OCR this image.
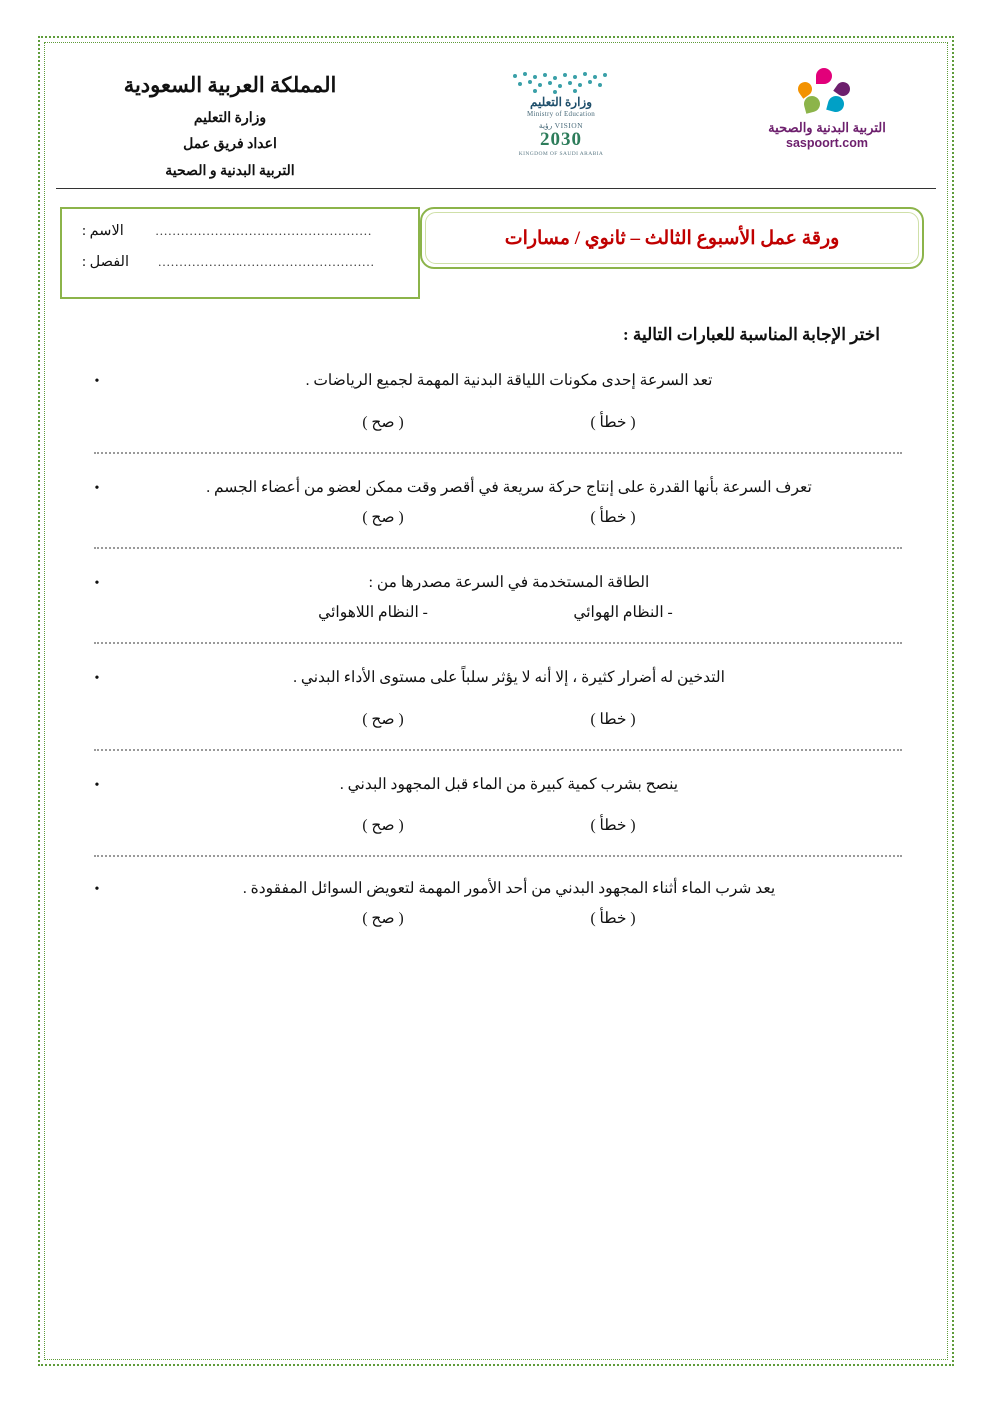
المملكة العربية السعودية
وزارة التعليم
اعداد فريق عمل
التربية البدنية و الصحية
وزارة التعليم
Ministry of Education
VISION رؤية
2030
KINGDOM OF SAUDI ARABIA
التربية البدنية والصحية
saspoort.com
الاسم :	...................................................
الفصل :	...................................................
ورقة عمل الأسبوع الثالث – ثانوي / مسارات
اختر الإجابة المناسبة للعبارات التالية :
•	تعد السرعة إحدى مكونات اللياقة البدنية المهمة لجميع الرياضات .
( صح )	( خطأ )
•	تعرف السرعة بأنها القدرة على إنتاج حركة سريعة في أقصر وقت ممكن لعضو من أعضاء الجسم .
( صح )	( خطأ )
•	الطاقة المستخدمة في السرعة مصدرها من :
- النظام اللاهوائي	- النظام الهوائي
•	التدخين له أضرار كثيرة ، إلا أنه لا يؤثر سلباً على مستوى الأداء البدني .
( صح )	( خطا )
•	ينصح بشرب كمية كبيرة من الماء قبل المجهود البدني .
( صح )	( خطأ )
•	يعد شرب الماء أثناء المجهود البدني من أحد الأمور المهمة لتعويض السوائل المفقودة .
( صح )	( خطأ )
